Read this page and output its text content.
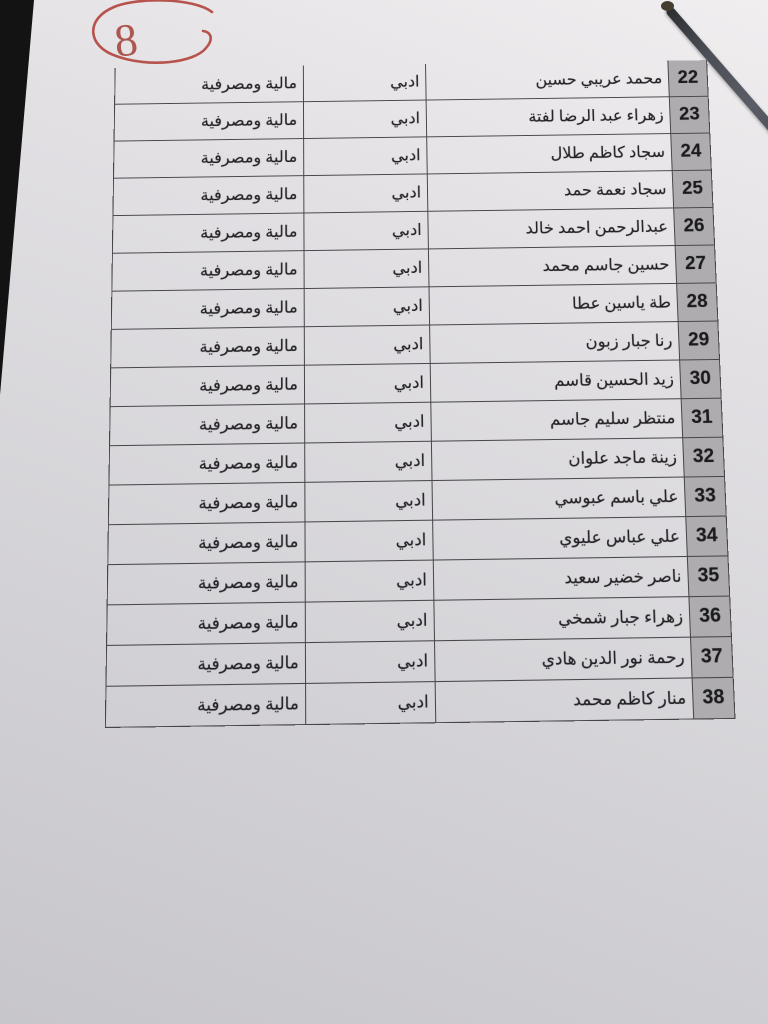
8
22	محمد عريبي حسين	ادبي	مالية ومصرفية
23	زهراء عبد الرضا لفتة	ادبي	مالية ومصرفية
24	سجاد كاظم طلال	ادبي	مالية ومصرفية
25	سجاد نعمة حمد	ادبي	مالية ومصرفية
26	عبدالرحمن احمد خالد	ادبي	مالية ومصرفية
27	حسين جاسم محمد	ادبي	مالية ومصرفية
28	طة ياسين عطا	ادبي	مالية ومصرفية
29	رنا جبار زبون	ادبي	مالية ومصرفية
30	زيد الحسين قاسم	ادبي	مالية ومصرفية
31	منتظر سليم جاسم	ادبي	مالية ومصرفية
32	زينة ماجد علوان	ادبي	مالية ومصرفية
33	علي باسم عبوسي	ادبي	مالية ومصرفية
34	علي عباس عليوي	ادبي	مالية ومصرفية
35	ناصر خضير سعيد	ادبي	مالية ومصرفية
36	زهراء جبار شمخي	ادبي	مالية ومصرفية
37	رحمة نور الدين هادي	ادبي	مالية ومصرفية
38	منار كاظم محمد	ادبي	مالية ومصرفية
